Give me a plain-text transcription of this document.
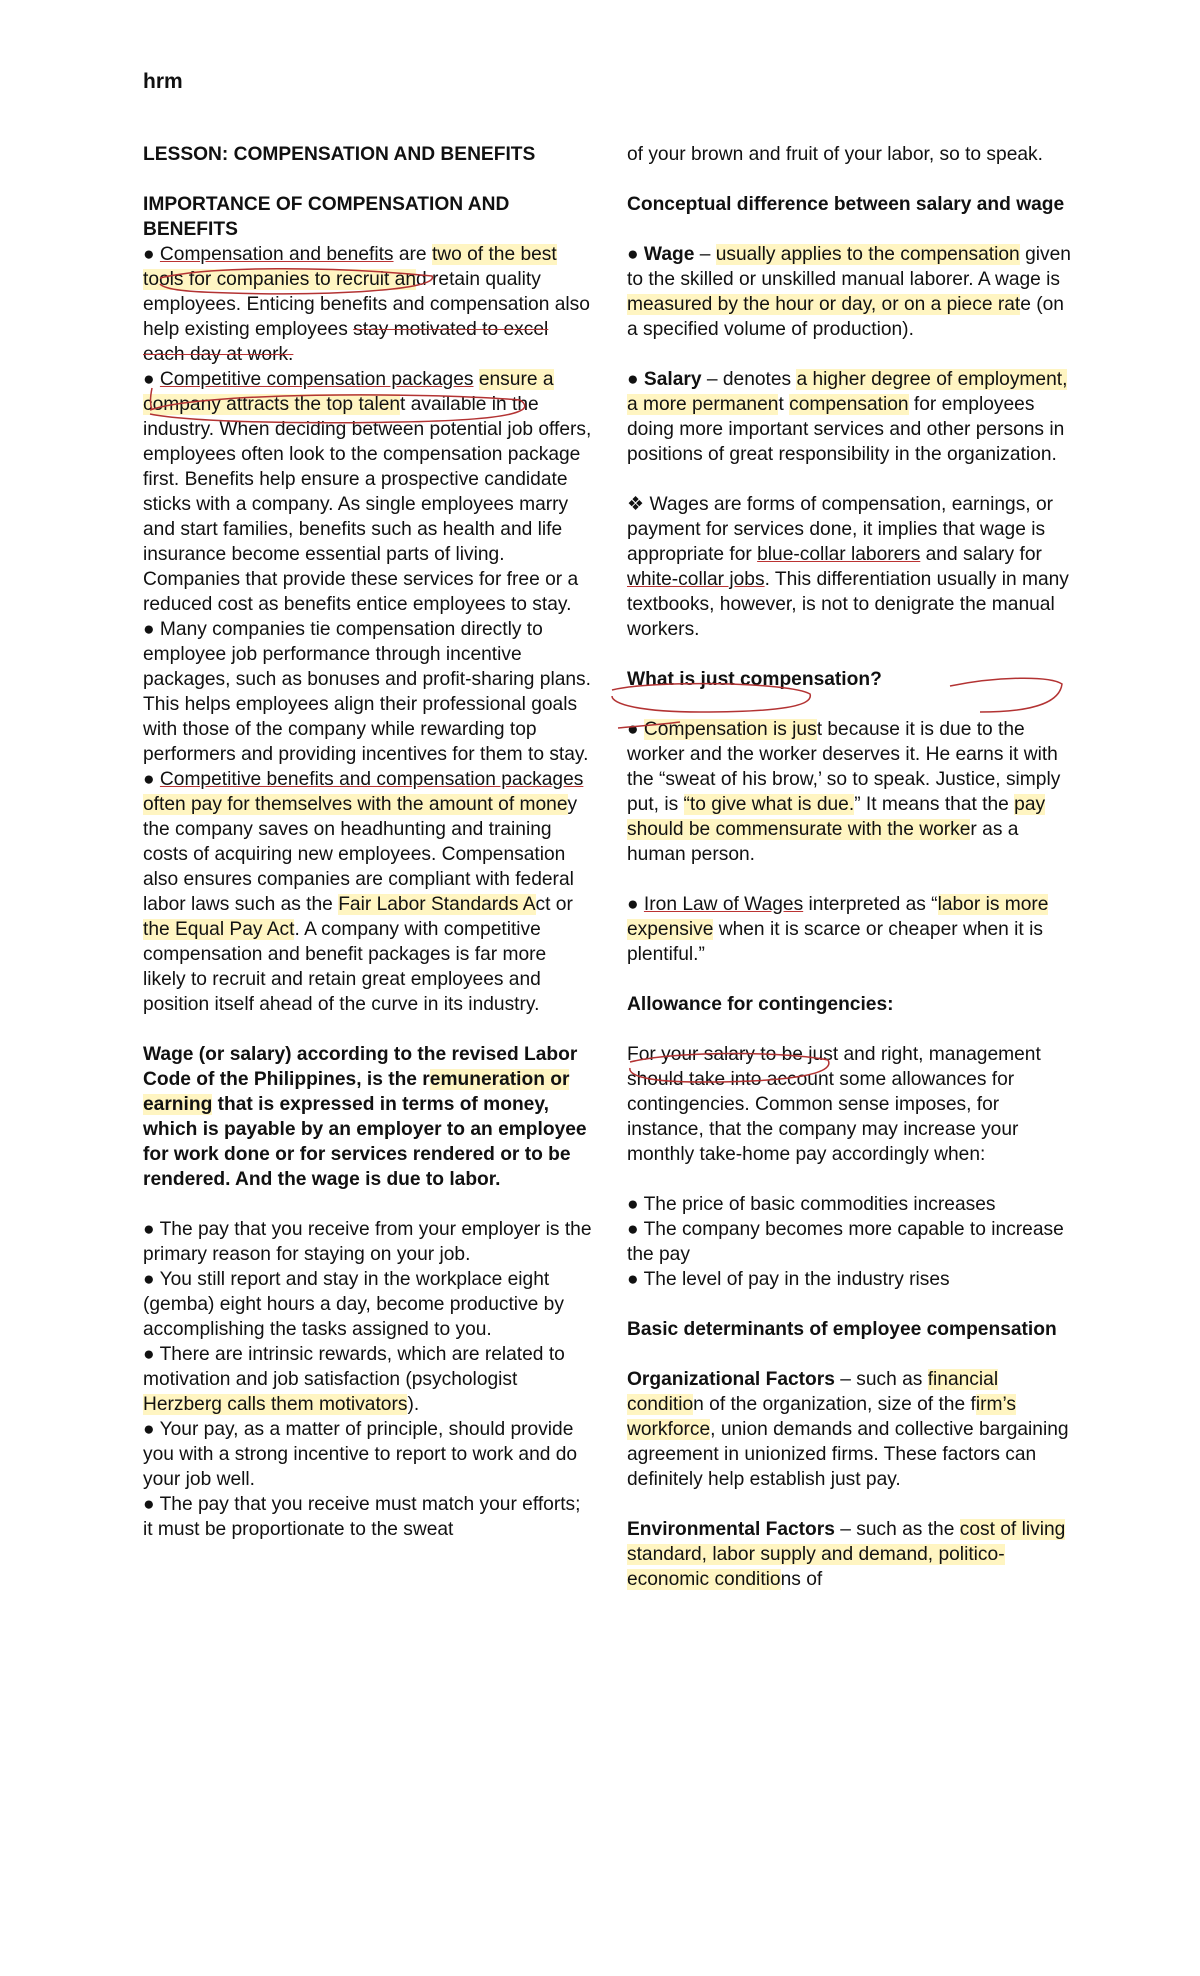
hrm
LESSON: COMPENSATION AND BENEFITS
IMPORTANCE OF COMPENSATION AND BENEFITS

● Compensation and benefits are two of the best tools for companies to recruit and retain quality employees. Enticing benefits and compensation also help existing employees stay motivated to excel each day at work.

● Competitive compensation packages ensure a company attracts the top talent available in the industry. When deciding between potential job offers, employees often look to the compensation package first. Benefits help ensure a prospective candidate sticks with a company. As single employees marry and start families, benefits such as health and life insurance become essential parts of living. Companies that provide these services for free or a reduced cost as benefits entice employees to stay.

● Many companies tie compensation directly to employee job performance through incentive packages, such as bonuses and profit-sharing plans. This helps employees align their professional goals with those of the company while rewarding top performers and providing incentives for them to stay.

● Competitive benefits and compensation packages often pay for themselves with the amount of money the company saves on headhunting and training costs of acquiring new employees. Compensation also ensures companies are compliant with federal labor laws such as the Fair Labor Standards Act or the Equal Pay Act. A company with competitive compensation and benefit packages is far more likely to recruit and retain great employees and position itself ahead of the curve in its industry.

Wage (or salary) according to the revised Labor Code of the Philippines, is the remuneration or earning that is expressed in terms of money, which is payable by an employer to an employee for work done or for services rendered or to be rendered. And the wage is due to labor.

● The pay that you receive from your employer is the primary reason for staying on your job.

● You still report and stay in the workplace eight (gemba) eight hours a day, become productive by accomplishing the tasks assigned to you.

● There are intrinsic rewards, which are related to motivation and job satisfaction (psychologist Herzberg calls them motivators).

● Your pay, as a matter of principle, should provide you with a strong incentive to report to work and do your job well.

● The pay that you receive must match your efforts; it must be proportionate to the sweat

of your brown and fruit of your labor, so to speak.

Conceptual difference between salary and wage

● Wage – usually applies to the compensation given to the skilled or unskilled manual laborer. A wage is measured by the hour or day, or on a piece rate (on a specified volume of production).

● Salary – denotes a higher degree of employment, a more permanent compensation for employees doing more important services and other persons in positions of great responsibility in the organization.

❖ Wages are forms of compensation, earnings, or payment for services done, it implies that wage is appropriate for blue-collar laborers and salary for white-collar jobs. This differentiation usually in many textbooks, however, is not to denigrate the manual workers.

What is just compensation?

● Compensation is just because it is due to the worker and the worker deserves it. He earns it with the “sweat of his brow,’ so to speak. Justice, simply put, is “to give what is due.” It means that the pay should be commensurate with the worker as a human person.

● Iron Law of Wages interpreted as “labor is more expensive when it is scarce or cheaper when it is plentiful.”

Allowance for contingencies:

For your salary to be just and right, management should take into account some allowances for contingencies. Common sense imposes, for instance, that the company may increase your monthly take-home pay accordingly when:

● The price of basic commodities increases
● The company becomes more capable to increase the pay
● The level of pay in the industry rises
Basic determinants of employee compensation

Organizational Factors – such as financial condition of the organization, size of the firm’s workforce, union demands and collective bargaining agreement in unionized firms. These factors can definitely help establish just pay.

Environmental Factors – such as the cost of living standard, labor supply and demand, politico-economic conditions of
